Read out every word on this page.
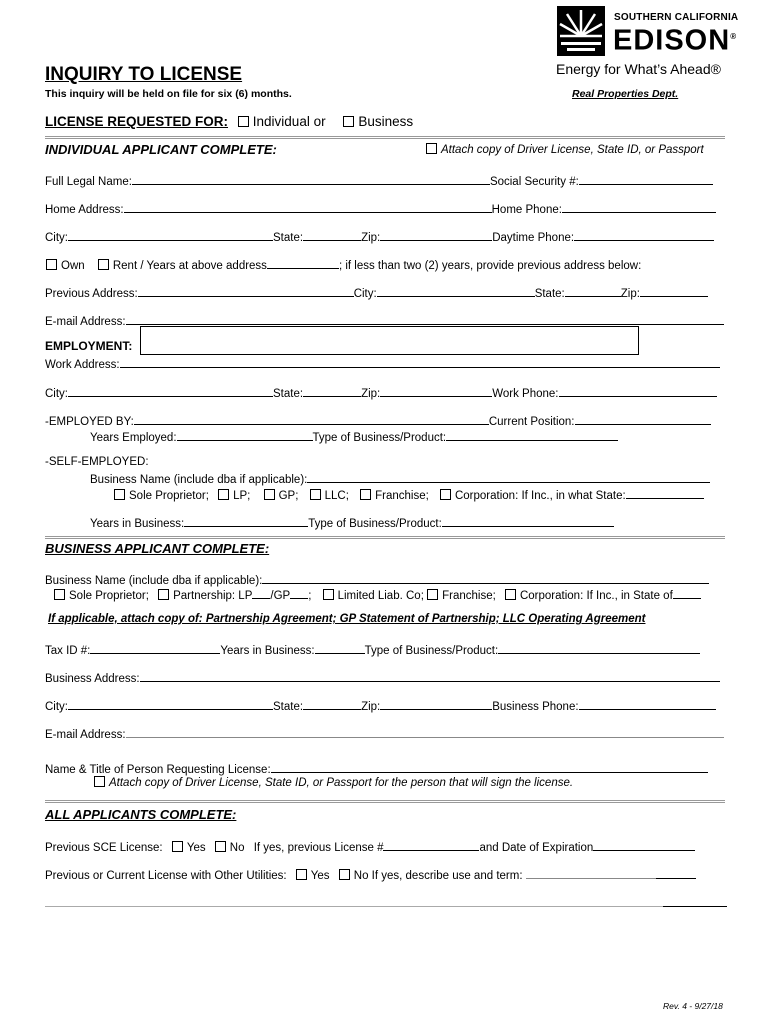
SOUTHERN CALIFORNIA
EDISON®
Energy for What’s Ahead®
INQUIRY TO LICENSE
This inquiry will be held on file for six (6) months.	Real Properties Dept.
LICENSE REQUESTED FOR: Individual or Business
INDIVIDUAL APPLICANT COMPLETE:	Attach copy of Driver License, State ID, or Passport
Full Legal Name:	Social Security #:
Home Address:	Home Phone:
City:	State:	Zip:	Daytime Phone:
Own Rent / Years at above address	; if less than two (2) years, provide previous address below:
Previous Address:	City:	State:	Zip:
E-mail Address:
EMPLOYMENT:
Work Address:
City:	State:	Zip:	Work Phone:
-EMPLOYED BY:	Current Position:
Years Employed:	Type of Business/Product:
-SELF-EMPLOYED:
Business Name (include dba if applicable):
Sole Proprietor; LP; GP; LLC; Franchise; Corporation: If Inc., in what State:
Years in Business:	Type of Business/Product:
BUSINESS APPLICANT COMPLETE:
Business Name (include dba if applicable):
Sole Proprietor; Partnership: LP /GP ; Limited Liab. Co; Franchise; Corporation: If Inc., in State of
If applicable, attach copy of: Partnership Agreement; GP Statement of Partnership; LLC Operating Agreement
Tax ID #:	Years in Business:	Type of Business/Product:
Business Address:
City:	State:	Zip:	Business Phone:
E-mail Address:
Name & Title of Person Requesting License:
Attach copy of Driver License, State ID, or Passport for the person that will sign the license.
ALL APPLICANTS COMPLETE:
Previous SCE License: Yes No If yes, previous License #	and Date of Expiration
Previous or Current License with Other Utilities: Yes No If yes, describe use and term:
Rev. 4 - 9/27/18
